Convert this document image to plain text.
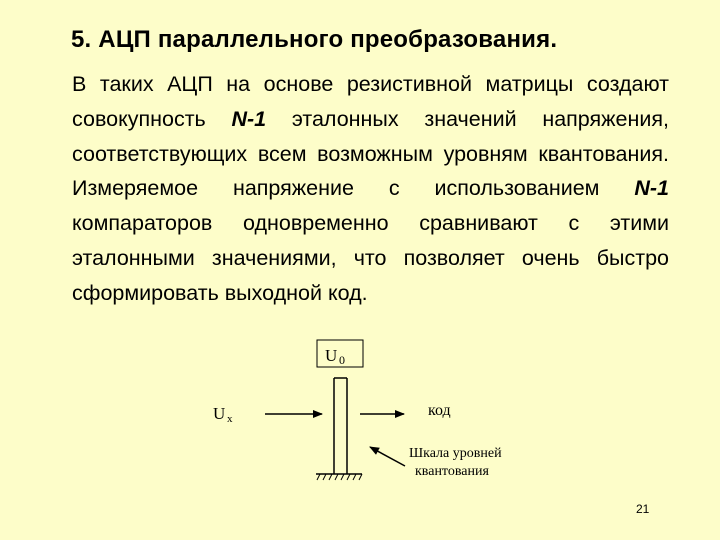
5. АЦП параллельного преобразования.
В таких АЦП на основе резистивной матрицы создают совокупность N-1 эталонных значений напряжения, соответствующих всем возможным уровням квантования. Измеряемое напряжение с использованием N-1 компараторов одновременно сравнивают с этими эталонными значениями, что позволяет очень быстро сформировать выходной код.
U 0
U x	код
Шкала уровней
квантования
21
